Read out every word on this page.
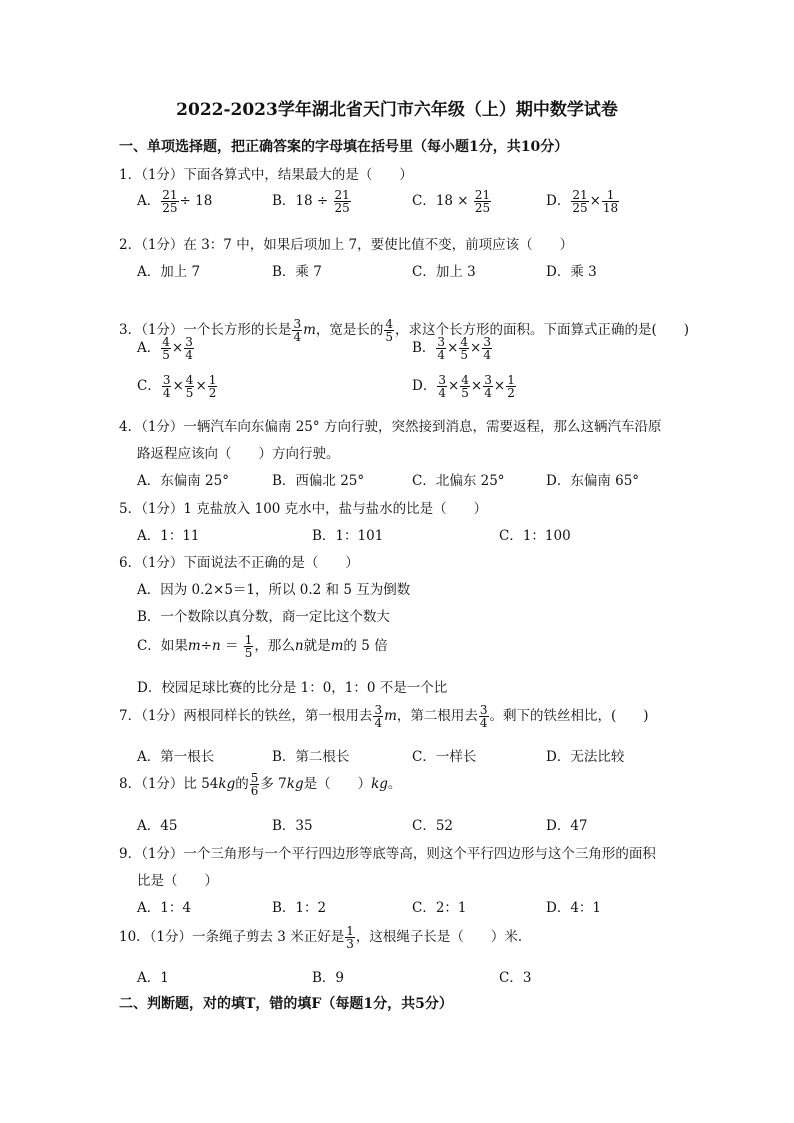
2022-2023学年湖北省天门市六年级（上）期中数学试卷
一、单项选择题，把正确答案的字母填在括号里（每小题1分，共10分）
1．（1分）下面各算式中，结果最大的是（　　）
A． $\frac{21}{25} \div 18$	B．$18 \div \frac{21}{25}$	C．$18 \times \frac{21}{25}$	D． $\frac{21}{25} \times \frac{1}{18}$
2．（1分）在 3：7 中，如果后项加上 7，要使比值不变，前项应该（　　）
A．加上 7	B．乘 7	C．加上 3	D．乘 3
3．（1分）一个长方形的长是 $\frac{3}{4}$ m，宽是长的 $\frac{4}{5}$ ，求这个长方形的面积。下面算式正确的是(　　)
A． $\frac{4}{5} \times \frac{3}{4}$	B． $\frac{3}{4} \times \frac{4}{5} \times \frac{3}{4}$
C． $\frac{3}{4} \times \frac{4}{5} \times \frac{1}{2}$	D． $\frac{3}{4} \times \frac{4}{5} \times \frac{3}{4} \times \frac{1}{2}$
4．（1分）一辆汽车向东偏南 25° 方向行驶，突然接到消息，需要返程，那么这辆汽车沿原
路返程应该向（　　）方向行驶。
A．东偏南 25°	B．西偏北 25°	C．北偏东 25°	D．东偏南 65°
5．（1分）1 克盐放入 100 克水中，盐与盐水的比是（　　）
A．1：11	B．1：101	C．1：100
6．（1分）下面说法不正确的是（　　）
A．因为 0.2×5＝1，所以 0.2 和 5 互为倒数
B．一个数除以真分数，商一定比这个数大
C．如果$m\div n = \frac{1}{5}$ ，那么n就是m的 5 倍
D．校园足球比赛的比分是 1：0，1：0 不是一个比
7．（1分）两根同样长的铁丝，第一根用去 $\frac{3}{4}$ m，第二根用去 $\frac{3}{4}$ 。剩下的铁丝相比，(　　)
A．第一根长	B．第二根长	C．一样长	D．无法比较
8．（1分）比 54kg的 $\frac{5}{6}$ 多 7kg是（　　）kg。
A．45	B．35	C．52	D．47
9．（1分）一个三角形与一个平行四边形等底等高，则这个平行四边形与这个三角形的面积
比是（　　）
A．1：4	B．1：2	C．2：1	D．4：1
10．（1分）一条绳子剪去 3 米正好是 $\frac{1}{3}$ ，这根绳子长是（　　）米．
A．1	B．9	C．3
二、判断题，对的填T，错的填F（每题1分，共5分）
